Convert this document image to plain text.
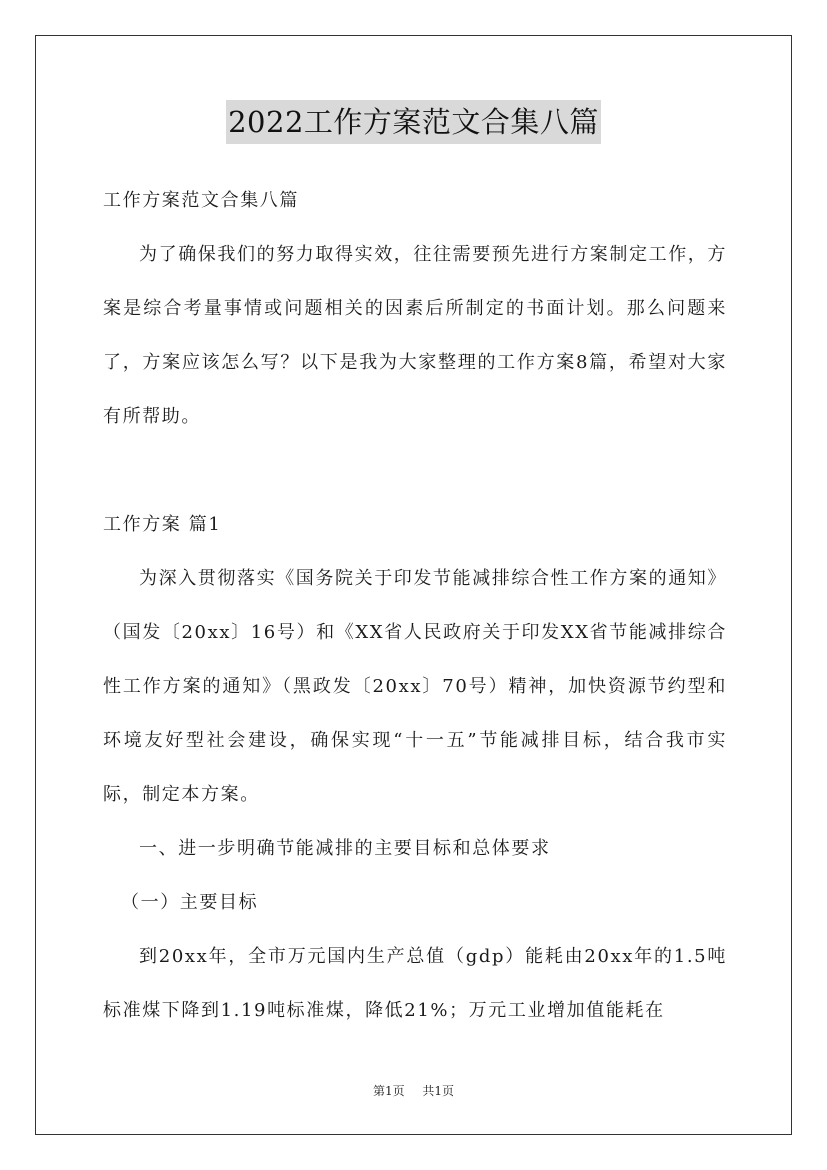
2022工作方案范文合集八篇

工作方案范文合集八篇

为了确保我们的努力取得实效，往往需要预先进行方案制定工作，方案是综合考量事情或问题相关的因素后所制定的书面计划。那么问题来了，方案应该怎么写？以下是我为大家整理的工作方案8篇，希望对大家有所帮助。

工作方案 篇1

为深入贯彻落实《国务院关于印发节能减排综合性工作方案的通知》（国发〔20xx〕16号）和《XX省人民政府关于印发XX省节能减排综合性工作方案的通知》（黑政发〔20xx〕70号）精神，加快资源节约型和环境友好型社会建设，确保实现“十一五”节能减排目标，结合我市实际，制定本方案。

一、进一步明确节能减排的主要目标和总体要求

（一）主要目标

到20xx年，全市万元国内生产总值（gdp）能耗由20xx年的1.5吨标准煤下降到1.19吨标准煤，降低21%；万元工业增加值能耗在

第1页 共1页
